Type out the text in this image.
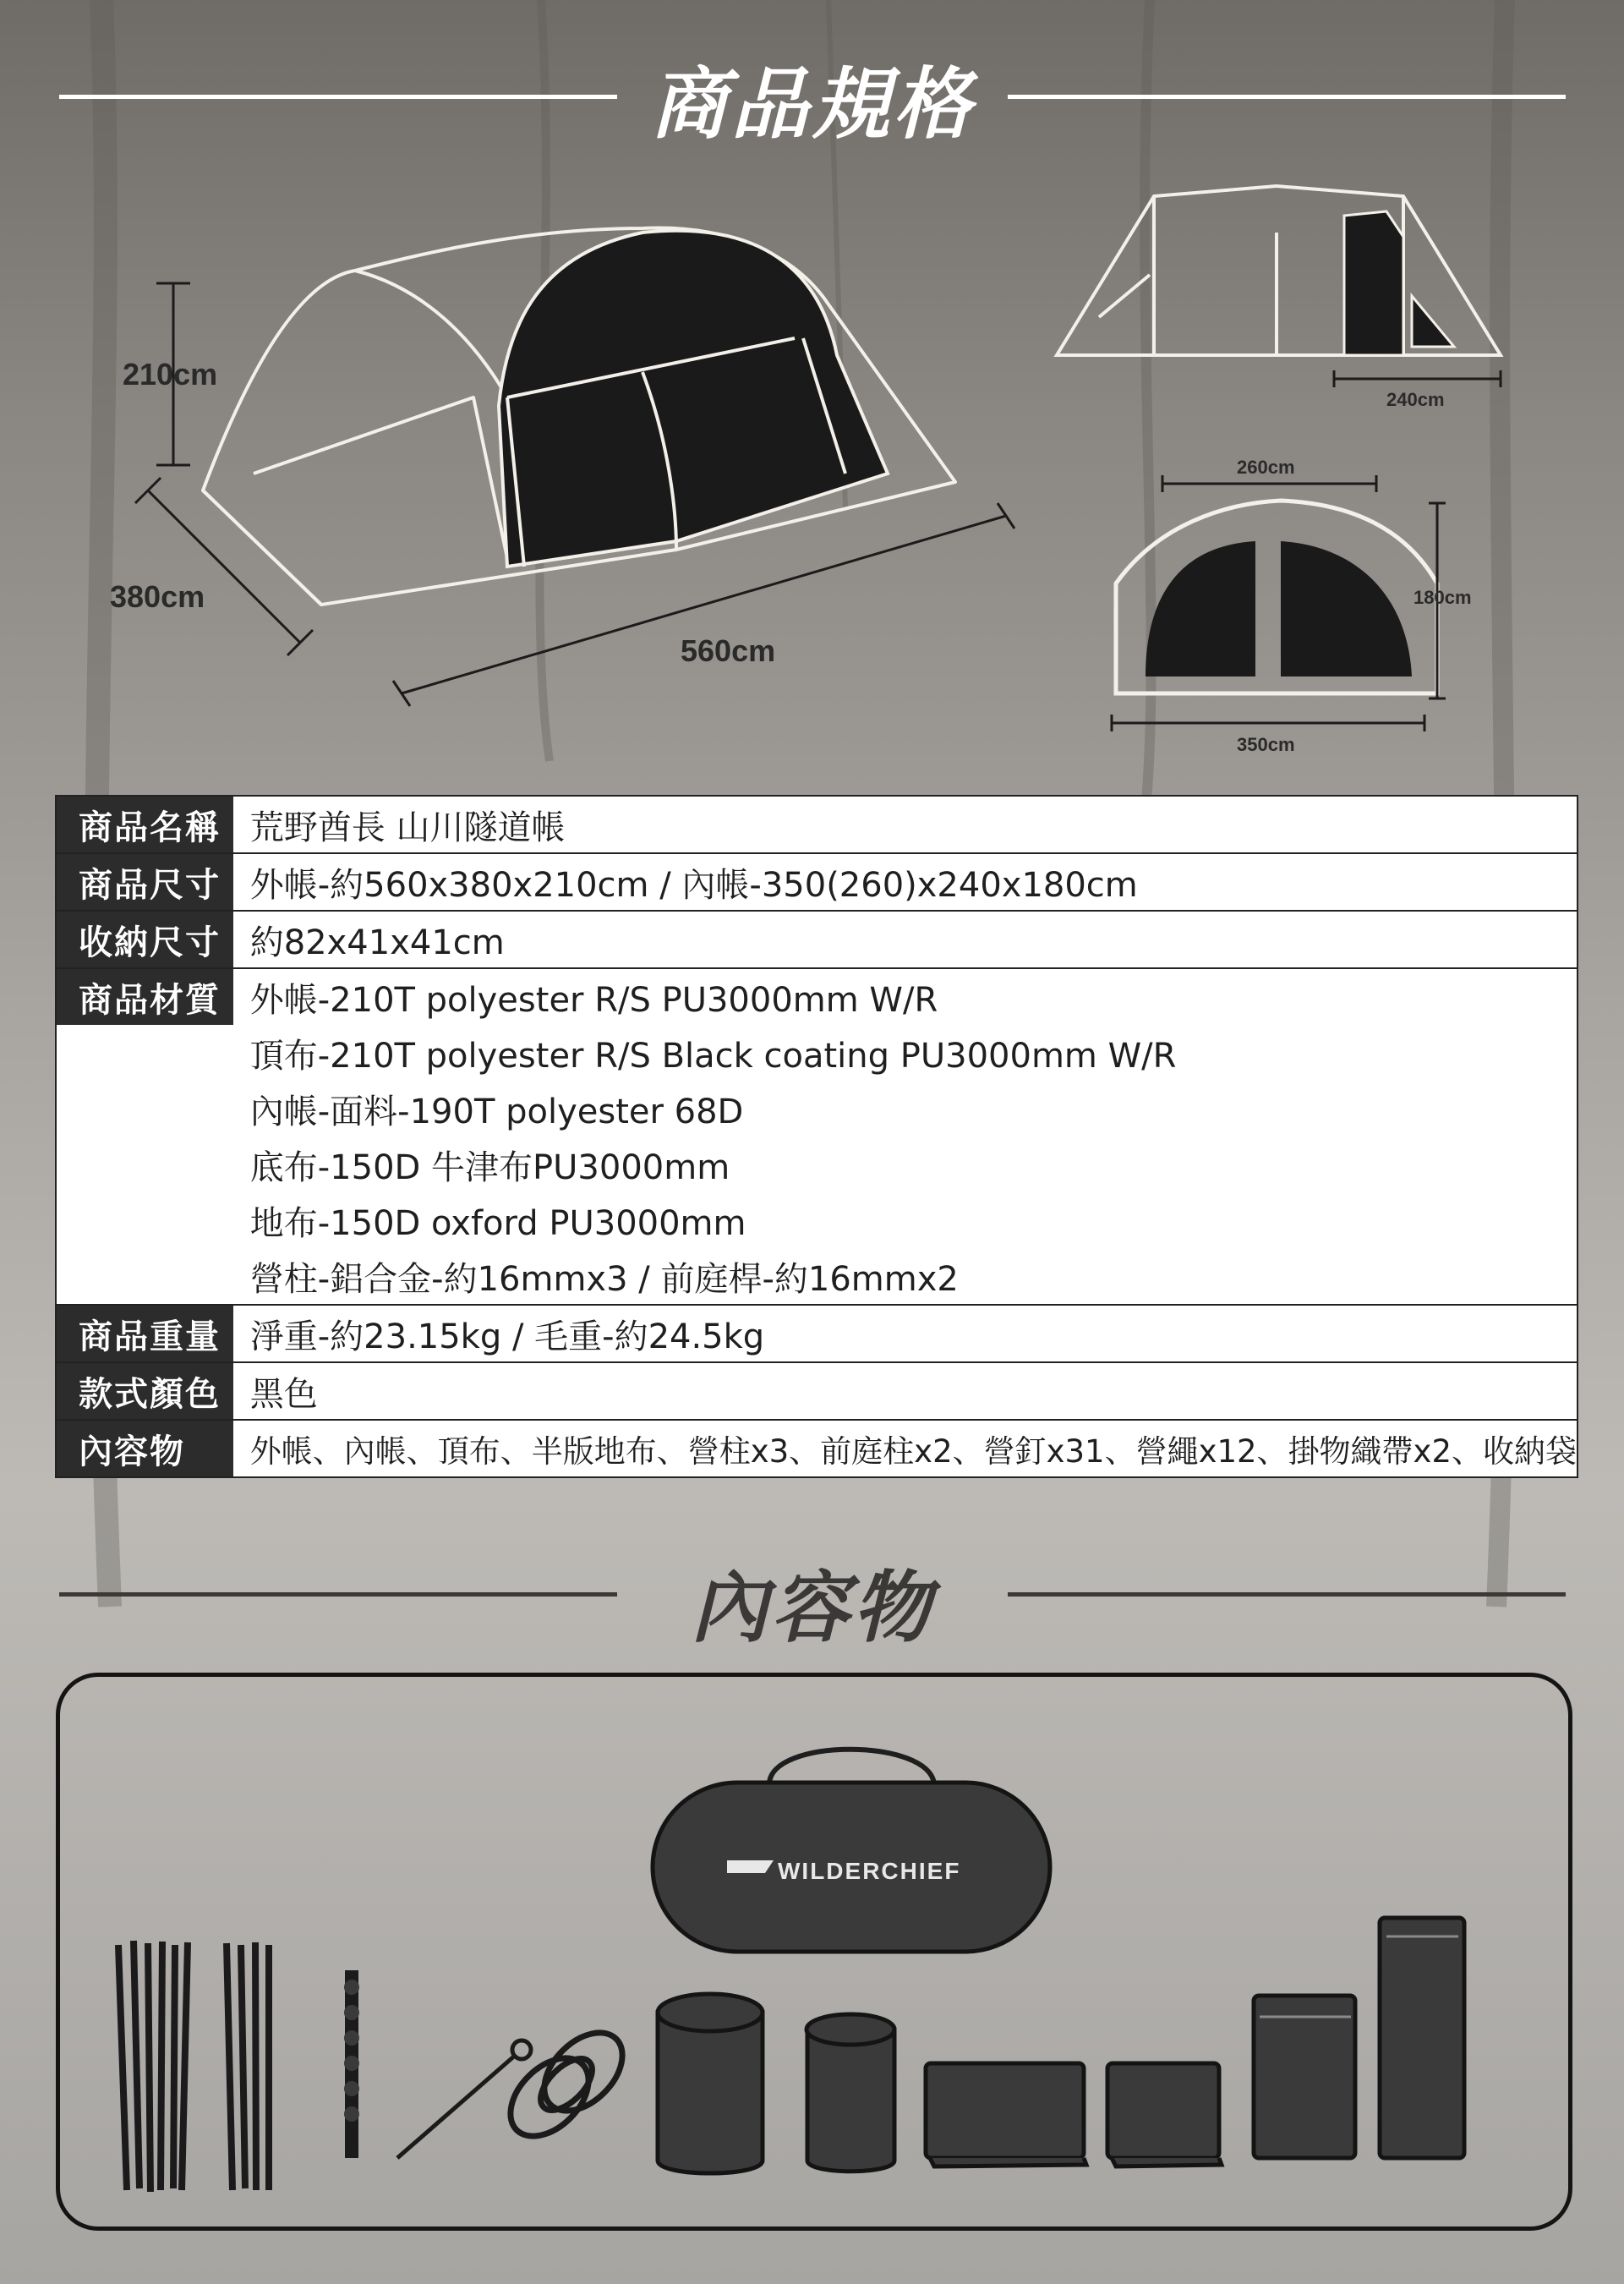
商品規格
210cm
380cm
560cm
240cm
260cm
180cm
350cm
商品名稱	荒野酋長 山川隧道帳
商品尺寸	外帳-約560x380x210cm / 內帳-350(260)x240x180cm
收納尺寸	約82x41x41cm
商品材質	外帳-210T polyester R/S PU3000mm W/R
	頂布-210T polyester R/S Black coating PU3000mm W/R
	內帳-面料-190T polyester 68D
	底布-150D 牛津布PU3000mm
	地布-150D oxford PU3000mm
	營柱-鋁合金-約16mmx3 / 前庭桿-約16mmx2
商品重量	淨重-約23.15kg / 毛重-約24.5kg
款式顏色	黑色
內容物	外帳、內帳、頂布、半版地布、營柱x3、前庭柱x2、營釘x31、營繩x12、掛物織帶x2、收納袋
內容物
WILDERCHIEF
